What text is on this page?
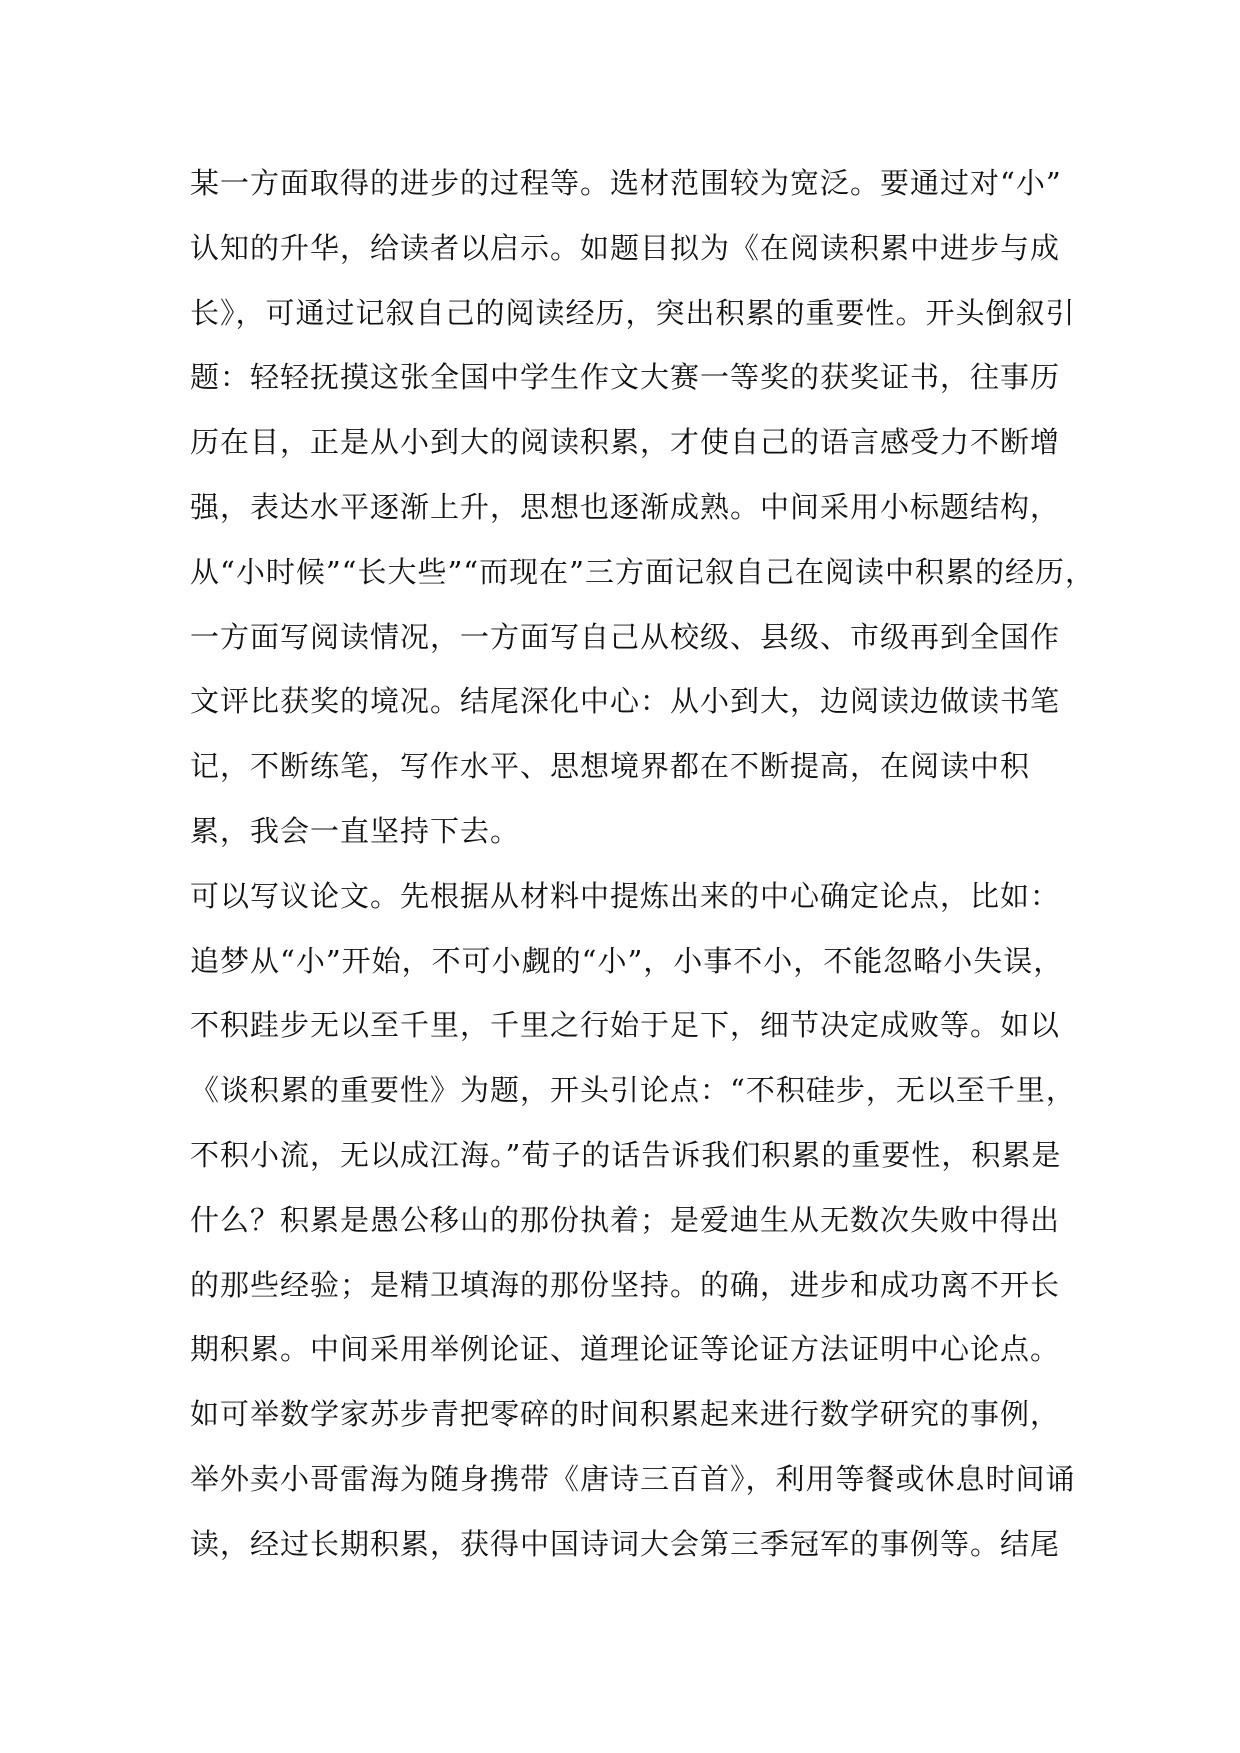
某一方面取得的进步的过程等。选材范围较为宽泛。要通过对“小”
认知的升华，给读者以启示。如题目拟为《在阅读积累中进步与成
长》，可通过记叙自己的阅读经历，突出积累的重要性。开头倒叙引
题：轻轻抚摸这张全国中学生作文大赛一等奖的获奖证书，往事历
历在目，正是从小到大的阅读积累，才使自己的语言感受力不断增
强，表达水平逐渐上升，思想也逐渐成熟。中间采用小标题结构，
从“小时候”“长大些”“而现在”三方面记叙自己在阅读中积累的经历，
一方面写阅读情况，一方面写自己从校级、县级、市级再到全国作
文评比获奖的境况。结尾深化中心：从小到大，边阅读边做读书笔
记，不断练笔，写作水平、思想境界都在不断提高，在阅读中积
累，我会一直坚持下去。
可以写议论文。先根据从材料中提炼出来的中心确定论点，比如：
追梦从“小”开始，不可小觑的“小”，小事不小，不能忽略小失误，
不积跬步无以至千里，千里之行始于足下，细节决定成败等。如以
《谈积累的重要性》为题，开头引论点：“不积硅步，无以至千里，
不积小流，无以成江海。”荀子的话告诉我们积累的重要性，积累是
什么？积累是愚公移山的那份执着；是爱迪生从无数次失败中得出
的那些经验；是精卫填海的那份坚持。的确，进步和成功离不开长
期积累。中间采用举例论证、道理论证等论证方法证明中心论点。
如可举数学家苏步青把零碎的时间积累起来进行数学研究的事例，
举外卖小哥雷海为随身携带《唐诗三百首》，利用等餐或休息时间诵
读，经过长期积累，获得中国诗词大会第三季冠军的事例等。结尾
